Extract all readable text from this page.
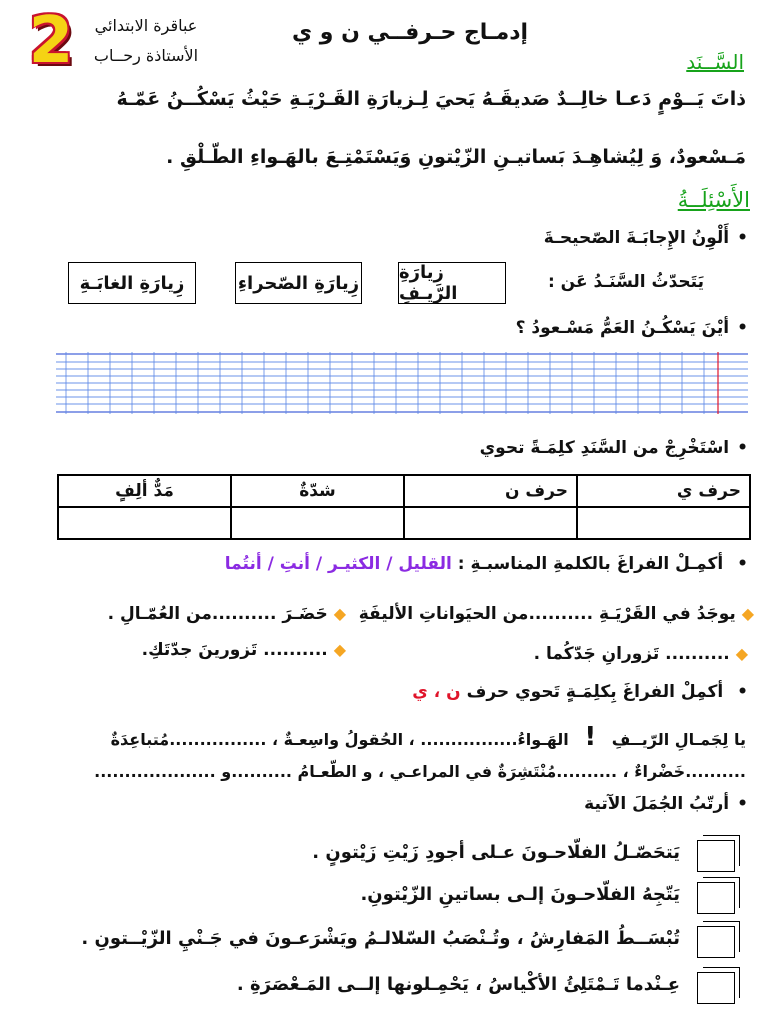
2	عباقرة الابتدائي
الأستاذة رحــاب
إدمـاج حـرفــي ن و ي
السَّــنَد
ذاتَ يَــوْمٍ دَعـا خالِــدٌ صَديقَـهُ يَحيَ لِـزيارَةِ القَـرْيَـةِ حَيْثُ يَسْكُــنُ عَمّـهُ
مَـسْعودٌ، وَ لِيُشاهِـدَ بَساتيـنِ الزّيْتونِ وَيَسْتَمْتِـعَ بالهَـواءِ الطّـلْقِ .
الأَسْئِلَــةُ
• أَلْوِنُ الإِجابَـةَ الصّحيحـةَ
يَتَحدّثُ السَّنَـدُ عَن :
زِيارَةِ الرّيـفِ
زِيارَةِ الصّحراءِ
زِيارَةِ الغابَـةِ
• أيْنَ يَسْكُـنُ العَمُّ مَسْـعودُ ؟
• اسْتَخْرِجْ من السَّنَدِ كلِمَـةً تحوي
حرف ي	حرف ن	شدّةٌ	مَدٌّ ألِفٍ

• أكمِـلْ الفراغَ بالكلمةِ المناسبـةِ : القليل / الكثيـر / أنتِ / أنتُما
◆ يوجَدُ في القَرْيَـةِ ..........من الحيَواناتِ الأليفَةِ
◆ حَضَـرَ ..........من العُمّـالِ .
◆ .......... تَزورانِ جَدّكُما .
◆ .......... تَزورينَ جدّتَكِ.
• أكمِلْ الفراغَ بِكلِمَـةٍ تَحوي حرف ن ، ي
يا لِجَمـالِ الرّيــفِ ! الهَـواءُ................ ، الحُقولُ واسِعـةٌ ، ................مُتباعِدَةٌ
..........خَضْراءٌ ، ..........مُنْتَشِرَةٌ في المراعـي ، و الطّعـامُ ..........و ....................
• أرتّبُ الجُمَلَ الآتية
يَتحَصّـلُ الفلّاحـونَ عـلى أجودِ زَيْتِ زَيْتونٍ .
يَتّجِهُ الفلّاحـونَ إلـى بساتينِ الزّيْتونِ.
تُبْسَــطُ المَفارِشُ ، وتُـنْصَبُ السّلالـمُ ويَشْرَعـونَ في جَـنْيِ الزّيْــتونِ .
عِـنْدما تَـمْتَلِئُ الأكْياسُ ، يَحْمِـلونها إلــى المَـعْصَرَةِ .
